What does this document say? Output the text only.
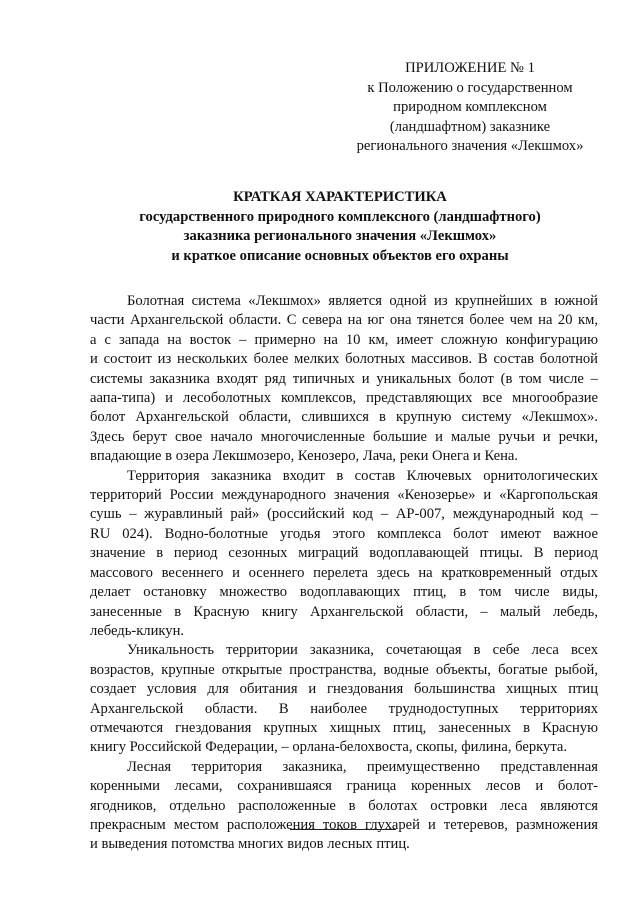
ПРИЛОЖЕНИЕ № 1
к Положению о государственном
природном комплексном
(ландшафтном) заказнике
регионального значения «Лекшмох»
КРАТКАЯ ХАРАКТЕРИСТИКА
государственного природного комплексного (ландшафтного)
заказника регионального значения «Лекшмох»
и краткое описание основных объектов его охраны
Болотная система «Лекшмох» является одной из крупнейших в южной
части Архангельской области. С севера на юг она тянется более чем на 20 км,
а с запада на восток – примерно на 10 км, имеет сложную конфигурацию
и состоит из нескольких более мелких болотных массивов. В состав болотной
системы заказника входят ряд типичных и уникальных болот (в том числе –
аапа-типа) и лесоболотных комплексов, представляющих все многообразие
болот Архангельской области, слившихся в крупную систему «Лекшмох».
Здесь берут свое начало многочисленные большие и малые ручьи и речки,
впадающие в озера Лекшмозеро, Кенозеро, Лача, реки Онега и Кена.
Территория заказника входит в состав Ключевых орнитологических
территорий России международного значения «Кенозерье» и «Каргопольская
сушь – журавлиный рай» (российский код – АР-007, международный код –
RU 024). Водно-болотные угодья этого комплекса болот имеют важное
значение в период сезонных миграций водоплавающей птицы. В период
массового весеннего и осеннего перелета здесь на кратковременный отдых
делает остановку множество водоплавающих птиц, в том числе виды,
занесенные в Красную книгу Архангельской области, – малый лебедь,
лебедь-кликун.
Уникальность территории заказника, сочетающая в себе леса всех
возрастов, крупные открытые пространства, водные объекты, богатые рыбой,
создает условия для обитания и гнездования большинства хищных птиц
Архангельской области. В наиболее труднодоступных территориях
отмечаются гнездования крупных хищных птиц, занесенных в Красную
книгу Российской Федерации, – орлана-белохвоста, скопы, филина, беркута.
Лесная территория заказника, преимущественно представленная
коренными лесами, сохранившаяся граница коренных лесов и болот-
ягодников, отдельно расположенные в болотах островки леса являются
прекрасным местом расположения токов глухарей и тетеревов, размножения
и выведения потомства многих видов лесных птиц.
